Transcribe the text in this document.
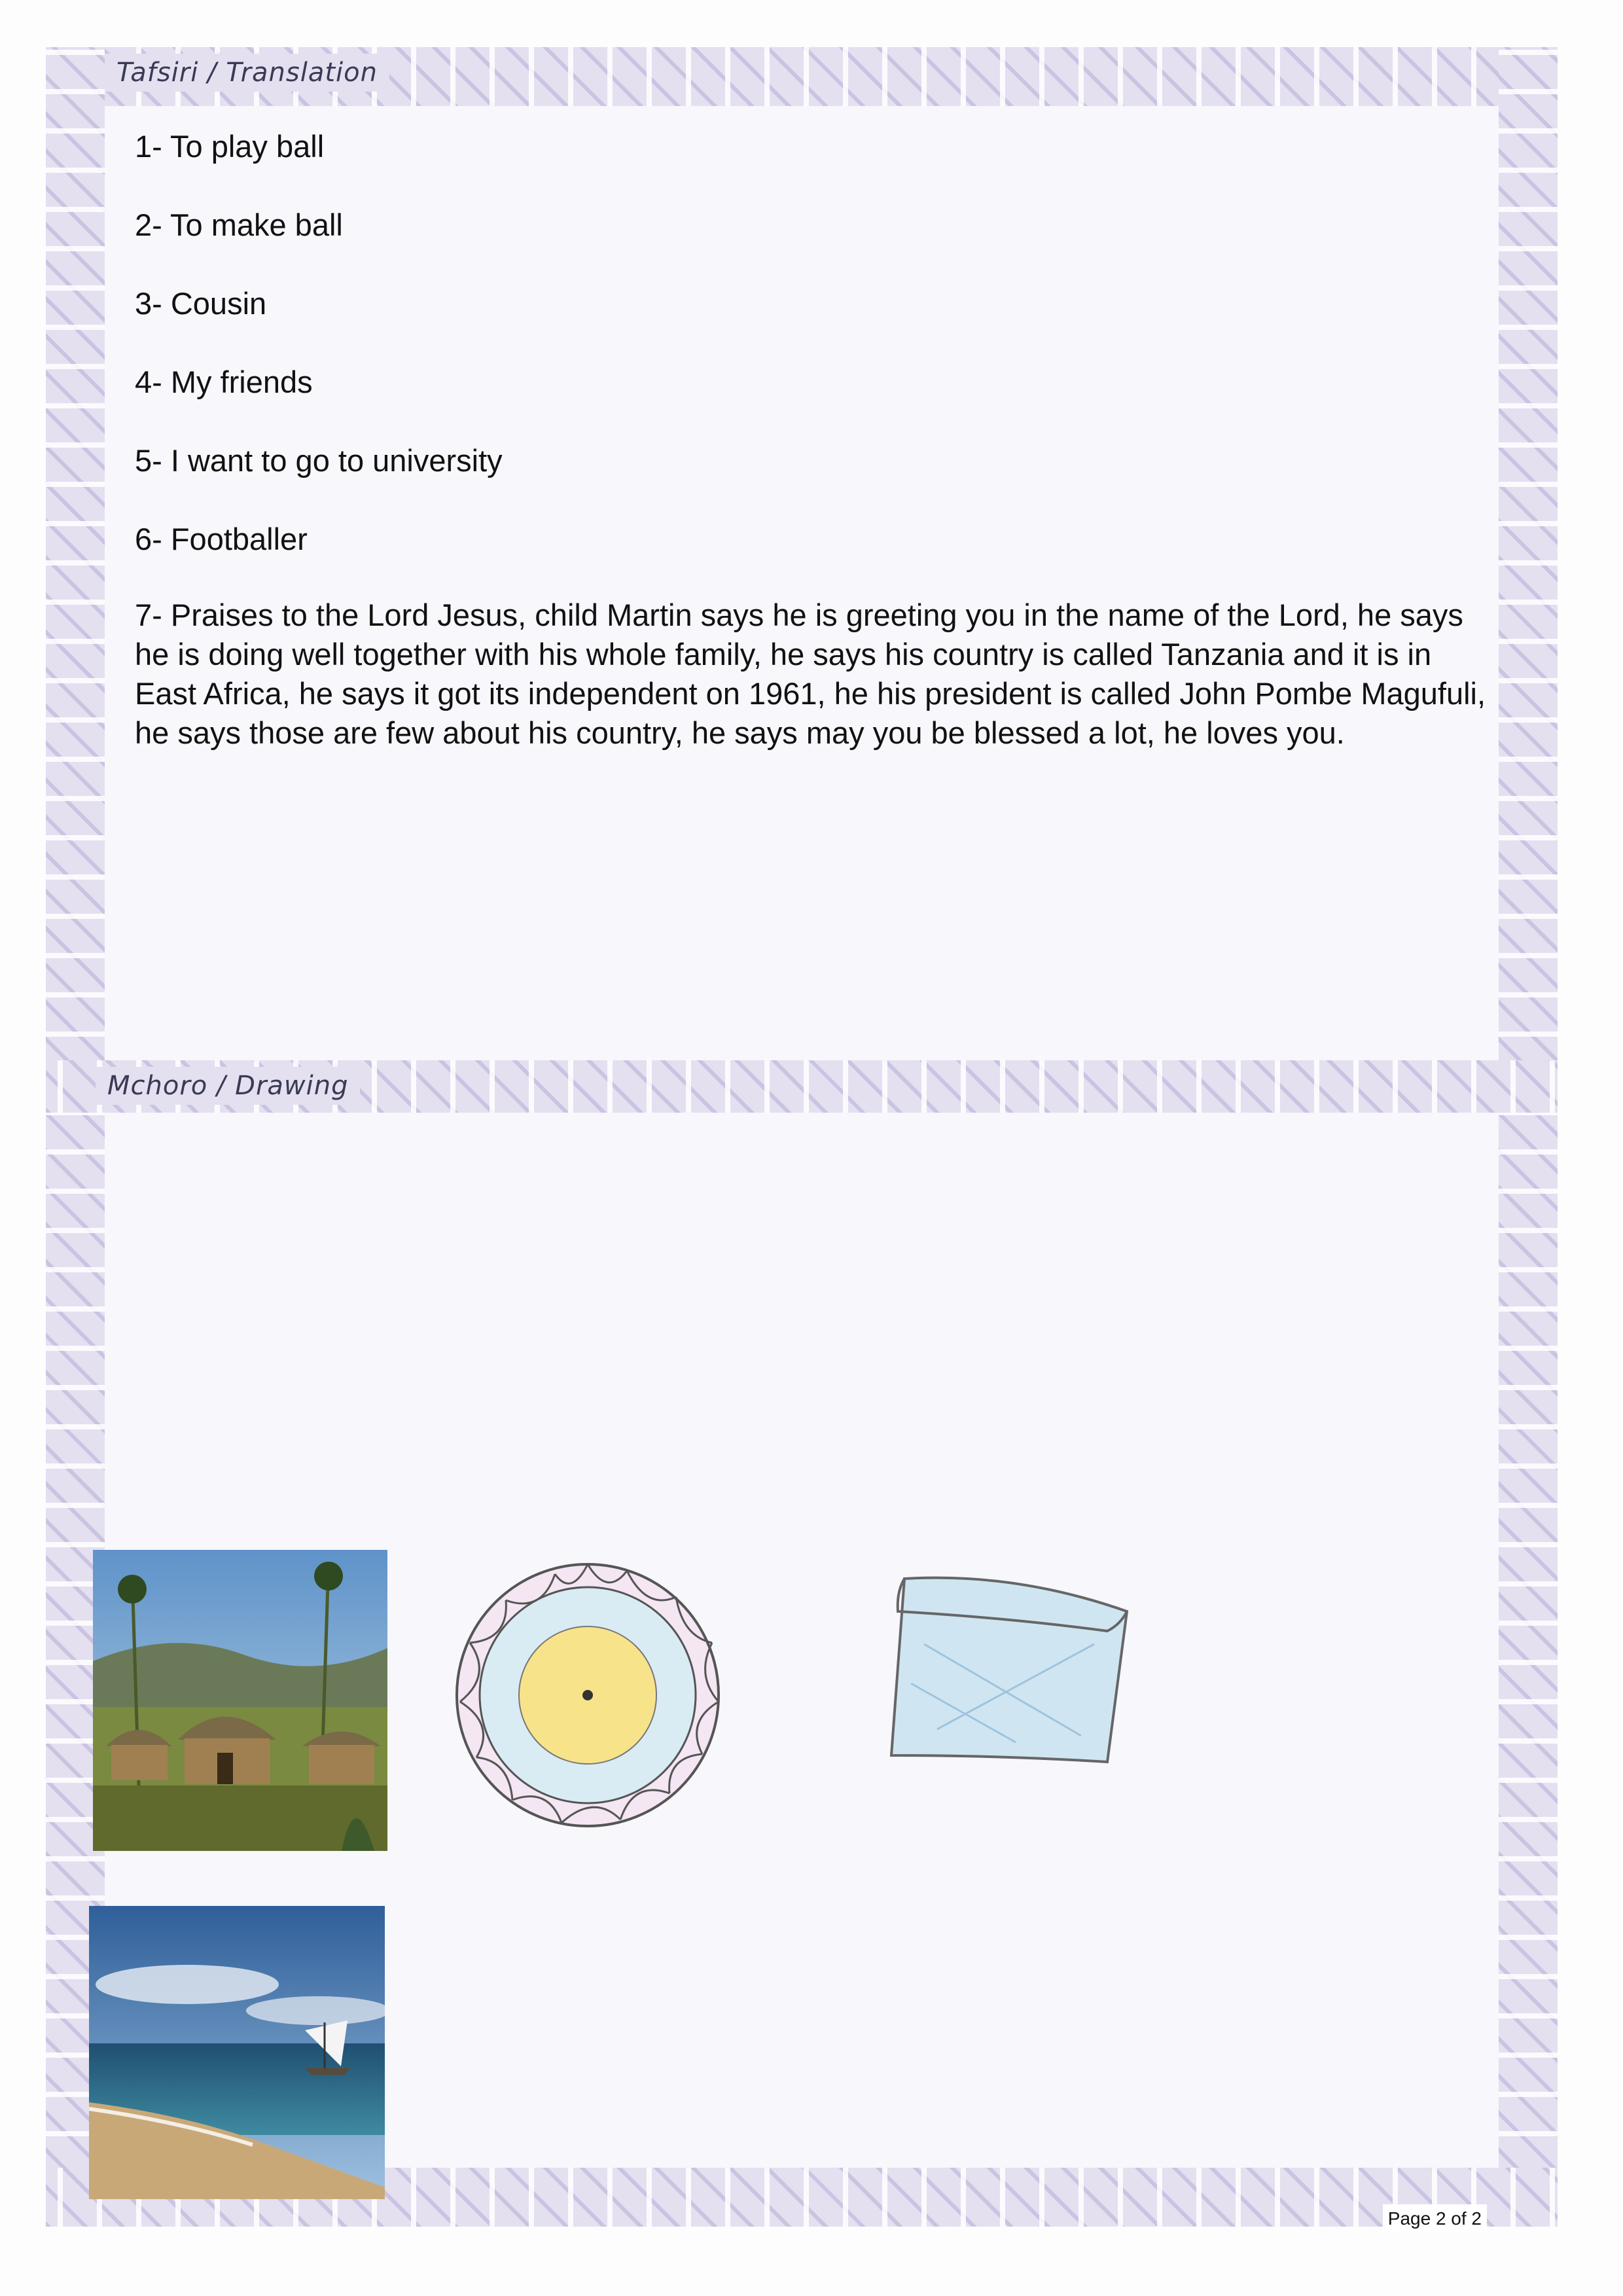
Tafsiri / Translation
Mchoro / Drawing
1- To play ball
2- To make ball
3- Cousin
4- My friends
5- I want to go to university
6- Footballer
7- Praises to the Lord Jesus, child Martin says he is greeting you in the name of the Lord, he says he is doing well together with his whole family, he says his country is called Tanzania and it is in East Africa, he says it got its independent on 1961, he his president is called John Pombe Magufuli, he says those are few about his country, he says may you be blessed a lot, he loves you.
Page 2 of 2
